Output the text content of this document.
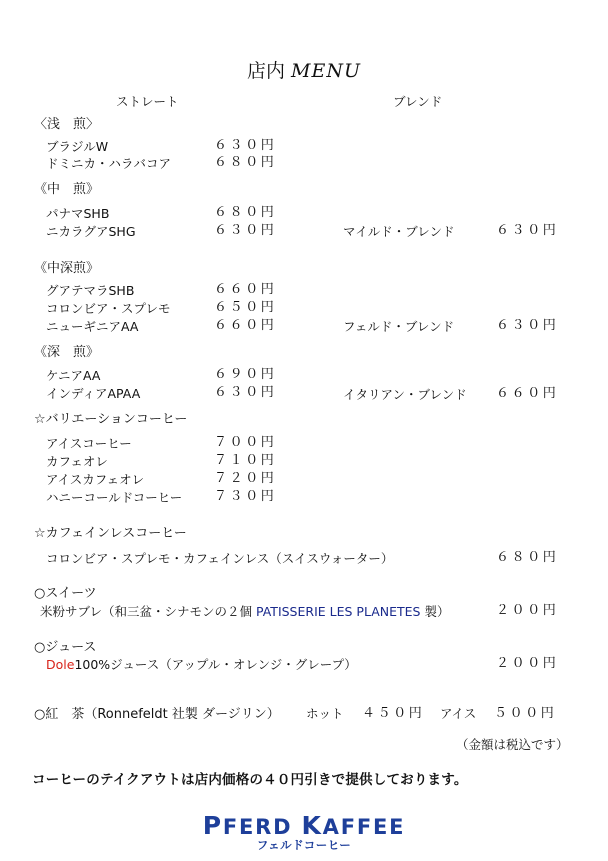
店内 MENU
ストレート	ブレンド
〈浅　煎〉
ブラジルW	６３０円
ドミニカ・ハラバコア	６８０円
《中　煎》
パナマSHB	６８０円
ニカラグアSHG	６３０円	マイルド・ブレンド	６３０円
《中深煎》
グアテマラSHB	６６０円
コロンビア・スプレモ	６５０円
ニューギニアAA	６６０円	フェルド・ブレンド	６３０円
《深　煎》
ケニアAA	６９０円
インディアAPAA	６３０円	イタリアン・ブレンド ６６０円
☆バリエーションコーヒー
アイスコーヒー	７００円
カフェオレ	７１０円
アイスカフェオレ	７２０円
ハニーコールドコーヒー ７３０円
☆カフェインレスコーヒー
コロンビア・スプレモ・カフェインレス（スイスウォーター）	６８０円
○スイーツ
米粉サブレ（和三盆・シナモンの２個 PATISSERIE LES PLANETES 製）	２００円
○ジュース
Dole100%ジュース（アップル・オレンジ・グレープ）	２００円
○紅　茶（Ronnefeldt 社製 ダージリン） ホット ４５０円 アイス ５００円
（金額は税込です）
コーヒーのテイクアウトは店内価格の４０円引きで提供しております。
PFERD KAFFEE
フェルドコーヒー
